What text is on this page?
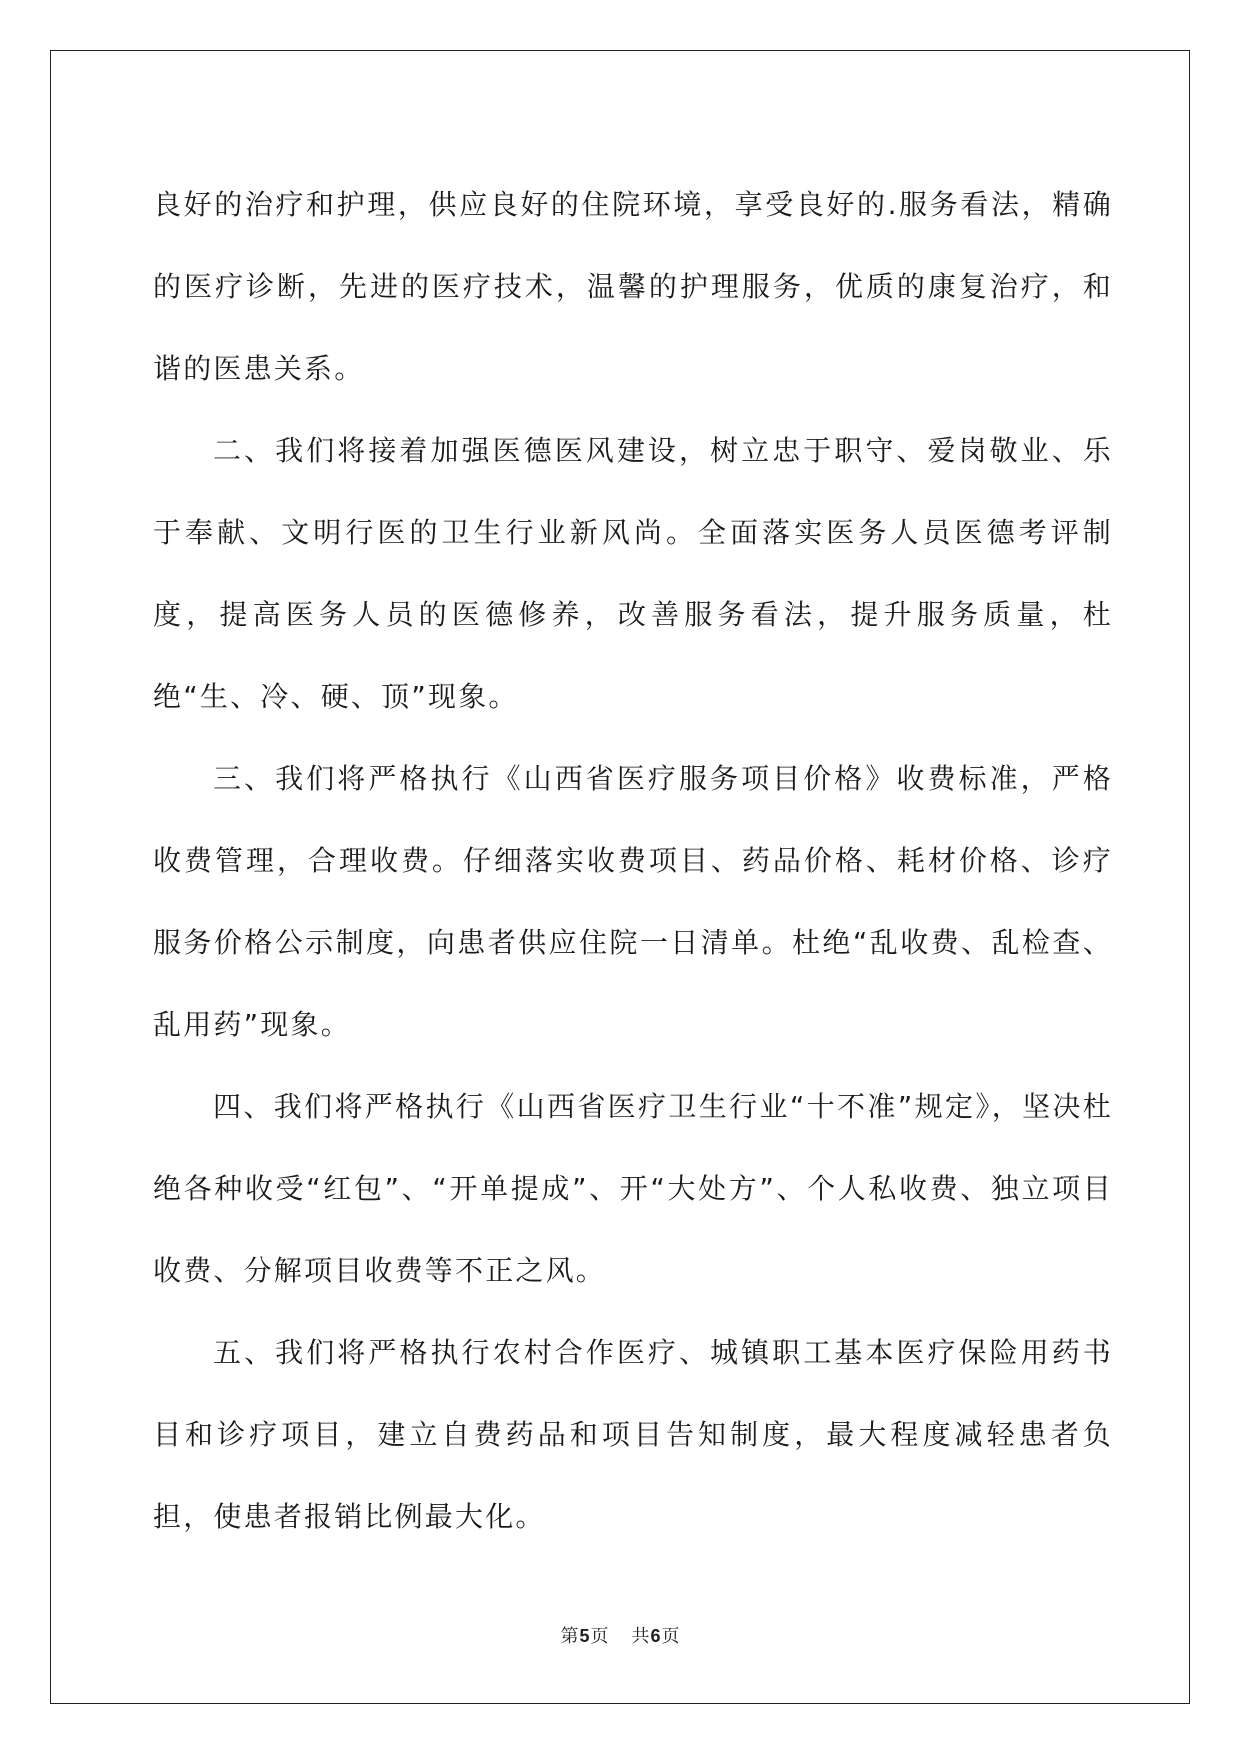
良好的治疗和护理，供应良好的住院环境，享受良好的.服务看法，精确的医疗诊断，先进的医疗技术，温馨的护理服务，优质的康复治疗，和谐的医患关系。

二、我们将接着加强医德医风建设，树立忠于职守、爱岗敬业、乐于奉献、文明行医的卫生行业新风尚。全面落实医务人员医德考评制度，提高医务人员的医德修养，改善服务看法，提升服务质量，杜绝“生、冷、硬、顶”现象。

三、我们将严格执行《山西省医疗服务项目价格》收费标准，严格收费管理，合理收费。仔细落实收费项目、药品价格、耗材价格、诊疗服务价格公示制度，向患者供应住院一日清单。杜绝“乱收费、乱检查、乱用药”现象。

四、我们将严格执行《山西省医疗卫生行业“十不准”规定》，坚决杜绝各种收受“红包”、“开单提成”、开“大处方”、个人私收费、独立项目收费、分解项目收费等不正之风。

五、我们将严格执行农村合作医疗、城镇职工基本医疗保险用药书目和诊疗项目，建立自费药品和项目告知制度，最大程度减轻患者负担，使患者报销比例最大化。

第5页 共6页
